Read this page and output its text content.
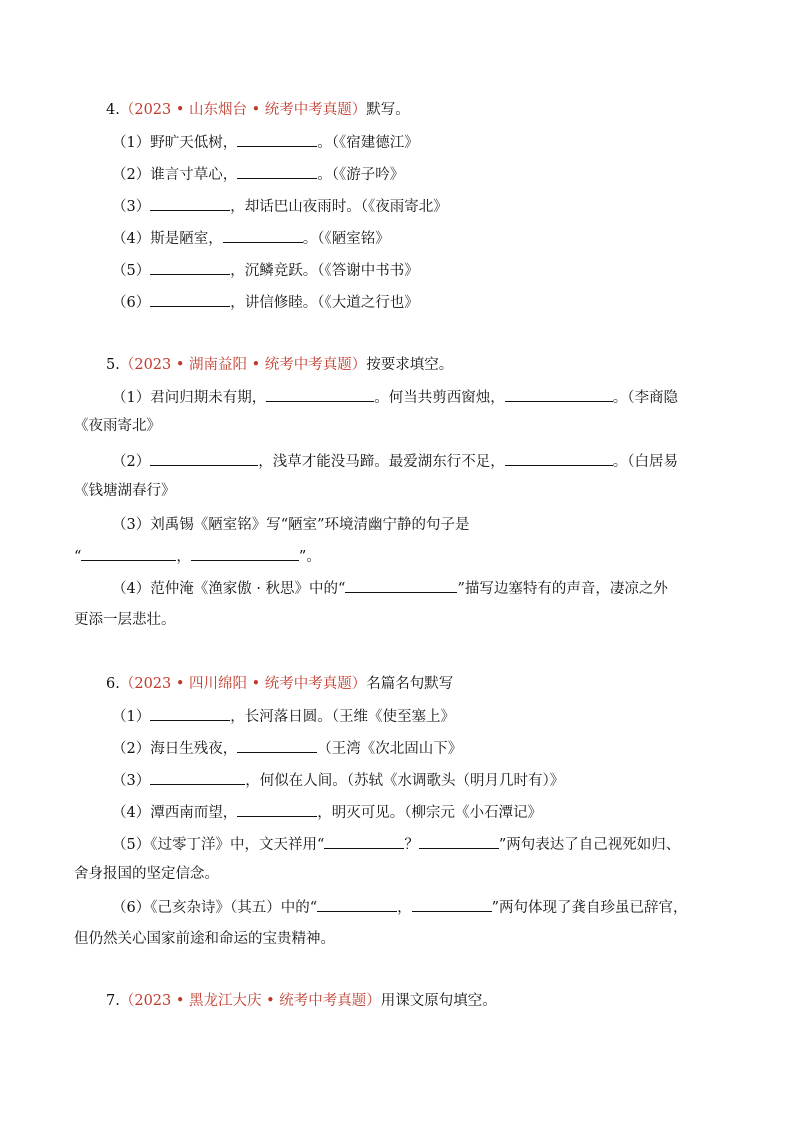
4.（2023 • 山东烟台 • 统考中考真题）默写。
（1）野旷天低树，	。（《宿建德江》
（2）谁言寸草心，	。（《游子吟》
（3）	，却话巴山夜雨时。（《夜雨寄北》
（4）斯是陋室，	。（《陋室铭》
（5）	，沉鳞竞跃。（《答谢中书书》
（6）	，讲信修睦。（《大道之行也》
5.（2023 • 湖南益阳 • 统考中考真题）按要求填空。
（1）君问归期未有期，	。何当共剪西窗烛，	。（李商隐
《夜雨寄北》
（2）	，浅草才能没马蹄。最爱湖东行不足，	。（白居易
《钱塘湖春行》
（3）刘禹锡《陋室铭》写“陋室”环境清幽宁静的句子是
“	，	”。
（4）范仲淹《渔家傲 · 秋思》中的“	”描写边塞特有的声音，凄凉之外
更添一层悲壮。
6.（2023 • 四川绵阳 • 统考中考真题）名篇名句默写
（1）	，长河落日圆。（王维《使至塞上》
（2）海日生残夜，	（王湾《次北固山下》
（3）	，何似在人间。（苏轼《水调歌头（明月几时有）》
（4）潭西南而望，	，明灭可见。（柳宗元《小石潭记》
（5）《过零丁洋》中，文天祥用“	？	”两句表达了自己视死如归、
舍身报国的坚定信念。
（6）《己亥杂诗》（其五）中的“	，	”两句体现了龚自珍虽已辞官，
但仍然关心国家前途和命运的宝贵精神。
7.（2023 • 黑龙江大庆 • 统考中考真题）用课文原句填空。
